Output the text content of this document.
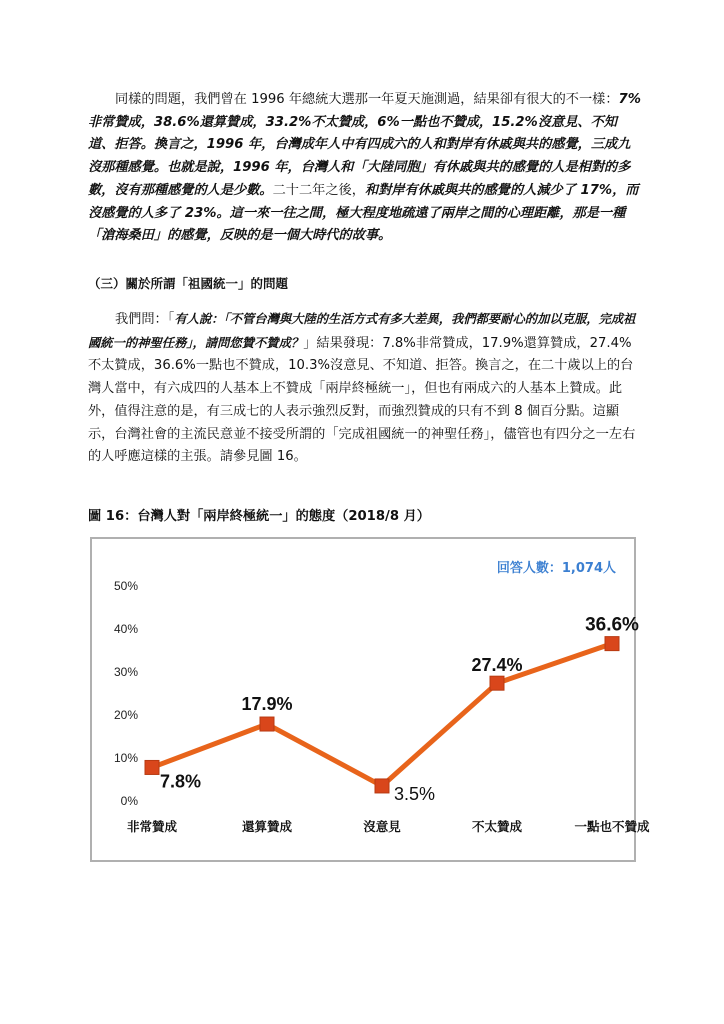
同樣的問題，我們曾在 1996 年總統大選那一年夏天施測過，結果卻有很大的不一樣：7%非常贊成，38.6%還算贊成，33.2%不太贊成，6%一點也不贊成，15.2%沒意見、不知道、拒答。換言之，1996 年，台灣成年人中有四成六的人和對岸有休戚與共的感覺，三成九沒那種感覺。也就是說，1996 年，台灣人和「大陸同胞」有休戚與共的感覺的人是相對的多數，沒有那種感覺的人是少數。二十二年之後，和對岸有休戚與共的感覺的人減少了 17%，而沒感覺的人多了 23%。這一來一往之間，極大程度地疏遠了兩岸之間的心理距離，那是一種「滄海桑田」的感覺，反映的是一個大時代的故事。
（三）關於所謂「祖國統一」的問題
我們問：「有人說：「不管台灣與大陸的生活方式有多大差異，我們都要耐心的加以克服，完成祖國統一的神聖任務」，請問您贊不贊成？」結果發現：7.8%非常贊成，17.9%還算贊成，27.4%不太贊成，36.6%一點也不贊成，10.3%沒意見、不知道、拒答。換言之，在二十歲以上的台灣人當中，有六成四的人基本上不贊成「兩岸終極統一」，但也有兩成六的人基本上贊成。此外，值得注意的是，有三成七的人表示強烈反對，而強烈贊成的只有不到 8 個百分點。這顯示，台灣社會的主流民意並不接受所謂的「完成祖國統一的神聖任務」，儘管也有四分之一左右的人呼應這樣的主張。請參見圖 16。
圖 16：台灣人對「兩岸終極統一」的態度（2018/8 月）
回答人數：1,074人
0%
10%
20%
30%
40%
50%
非常贊成	還算贊成	沒意見	不太贊成	一點也不贊成
7.8%
17.9%
3.5%
27.4%
36.6%
